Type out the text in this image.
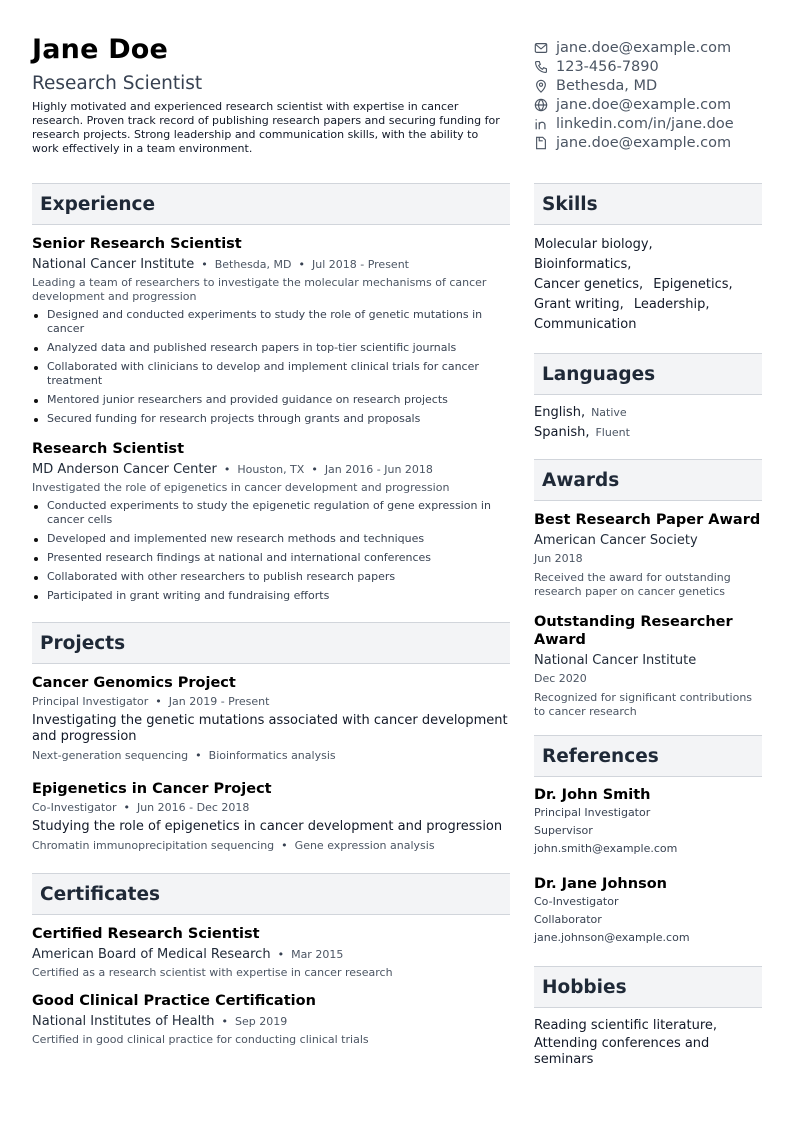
Jane Doe
Research Scientist
Highly motivated and experienced research scientist with expertise in cancer research. Proven track record of publishing research papers and securing funding for research projects. Strong leadership and communication skills, with the ability to work effectively in a team environment.
jane.doe@example.com
123-456-7890
Bethesda, MD
jane.doe@example.com
linkedin.com/in/jane.doe
jane.doe@example.com
Experience
Senior Research Scientist
National Cancer Institute • Bethesda, MD • Jul 2018 - Present
Leading a team of researchers to investigate the molecular mechanisms of cancer development and progression
Designed and conducted experiments to study the role of genetic mutations in cancer
Analyzed data and published research papers in top-tier scientific journals
Collaborated with clinicians to develop and implement clinical trials for cancer treatment
Mentored junior researchers and provided guidance on research projects
Secured funding for research projects through grants and proposals
Research Scientist
MD Anderson Cancer Center • Houston, TX • Jan 2016 - Jun 2018
Investigated the role of epigenetics in cancer development and progression
Conducted experiments to study the epigenetic regulation of gene expression in cancer cells
Developed and implemented new research methods and techniques
Presented research findings at national and international conferences
Collaborated with other researchers to publish research papers
Participated in grant writing and fundraising efforts
Projects
Cancer Genomics Project
Principal Investigator • Jan 2019 - Present
Investigating the genetic mutations associated with cancer development and progression
Next-generation sequencing • Bioinformatics analysis
Epigenetics in Cancer Project
Co-Investigator • Jun 2016 - Dec 2018
Studying the role of epigenetics in cancer development and progression
Chromatin immunoprecipitation sequencing • Gene expression analysis
Certificates
Certified Research Scientist
American Board of Medical Research • Mar 2015
Certified as a research scientist with expertise in cancer research
Good Clinical Practice Certification
National Institutes of Health • Sep 2019
Certified in good clinical practice for conducting clinical trials
Skills
Molecular biology,
Bioinformatics,
Cancer genetics, Epigenetics,
Grant writing, Leadership,
Communication
Languages
English, Native
Spanish, Fluent
Awards
Best Research Paper Award
American Cancer Society
Jun 2018
Received the award for outstanding research paper on cancer genetics
Outstanding Researcher Award
National Cancer Institute
Dec 2020
Recognized for significant contributions to cancer research
References
Dr. John Smith
Principal Investigator
Supervisor
john.smith@example.com
Dr. Jane Johnson
Co-Investigator
Collaborator
jane.johnson@example.com
Hobbies
Reading scientific literature,
Attending conferences and seminars
